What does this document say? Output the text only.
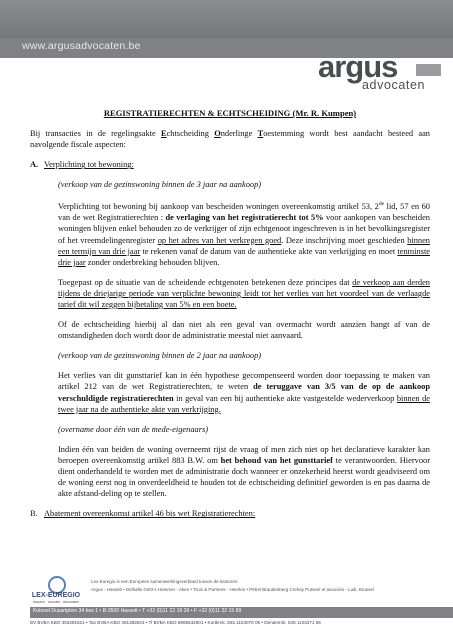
www.argusadvocaten.be
argus
advocaten

REGISTRATIERECHTEN & ECHTSCHEIDING (Mr. R. Kumpen)

Bij transacties in de regelingsakte Echtscheiding Onderlinge Toestemming wordt best aandacht besteed aan navolgende fiscale aspecten:

A. Verplichting tot bewoning:

(verkoop van de gezinswoning binnen de 3 jaar na aankoop)

Verplichting tot bewoning bij aankoop van bescheiden woningen overeenkomstig artikel 53, 2de lid, 57 en 60 van de wet Registratierechten : de verlaging van het registratierecht tot 5% voor aankopen van bescheiden woningen blijven enkel behouden zo de verkrijger of zijn echtgenoot ingeschreven is in het bevolkingsregister of het vreemdelingenregister op het adres van het verkregen goed. Deze inschrijving moet geschieden binnen een termijn van drie jaar te rekenen vanaf de datum van de authentieke akte van verkrijging en moet tenminste drie jaar zonder onderbreking behouden blijven.

Toegepast op de situatie van de scheidende echtgenoten betekenen deze principes dat de verkoop aan derden tijdens de driejarige periode van verplichte bewoning leidt tot het verlies van het voordeel van de verlaagde tarief dit wil zeggen bijbetaling van 5% en een boete.

Of de echtscheiding hierbij al dan niet als een geval van overmacht wordt aanzien hangt af van de omstandigheden doch wordt door de administratie meestal niet aanvaard.

(verkoop van de gezinswoning binnen de 2 jaar na aankoop)

Het verlies van dit gunsttarief kan in één hypothese gecompenseerd worden door toepassing te maken van artikel 212 van de wet Registratierechten, te weten de teruggave van 3/5 van de op de aankoop verschuldigde registratierechten in geval van een bij authentieke akte vastgestelde wederverkoop binnen de twee jaar na de authentieke akte van verkrijging.

(overname door één van de mede-eigenaars)

Indien één van beiden de woning overneemt rijst de vraag of men zich niet op het declaratieve karakter kan beroepen overeenkomstig artikel 883 B.W. om het behoud van het gunsttarief te verantwoorden. Hiervoor dient onderhandeld te worden met de administratie doch wanneer er onzekerheid heerst wordt geadviseerd om de woning eerst nog in onverdeeldheid te houden tot de echtscheiding definitief geworden is en pas daarna de akte afstand-deling op te stellen.

B. Abatement overeenkomst artikel 46 bis wet Registratierechten:

LEX-EUREGIO
lawyers · avocats · advocaten
Lex-Euregio is een Europees samenwerkingsverband tussen de kantoren:
Argus - Hasselt • Delhalle Gehl-s Hammer - Aken • Truis & Partners - Heerlen • Pétrel Braudenberg Crehay Putseel et associés - Luik, Brussel
Kolonel Dusartplein 34 box 1 • B-3500 Hasselt • T +32 (0)11 22 18 39 • F +32 (0)11 22 15 89
BV BVBA KBO 453291621 • Tax BVBA KBO 461383943 • Tl BVBA KBO 8885632601 • Kortkrnk. 845 1104070 05 • Dendermk. 845 1104371 56
